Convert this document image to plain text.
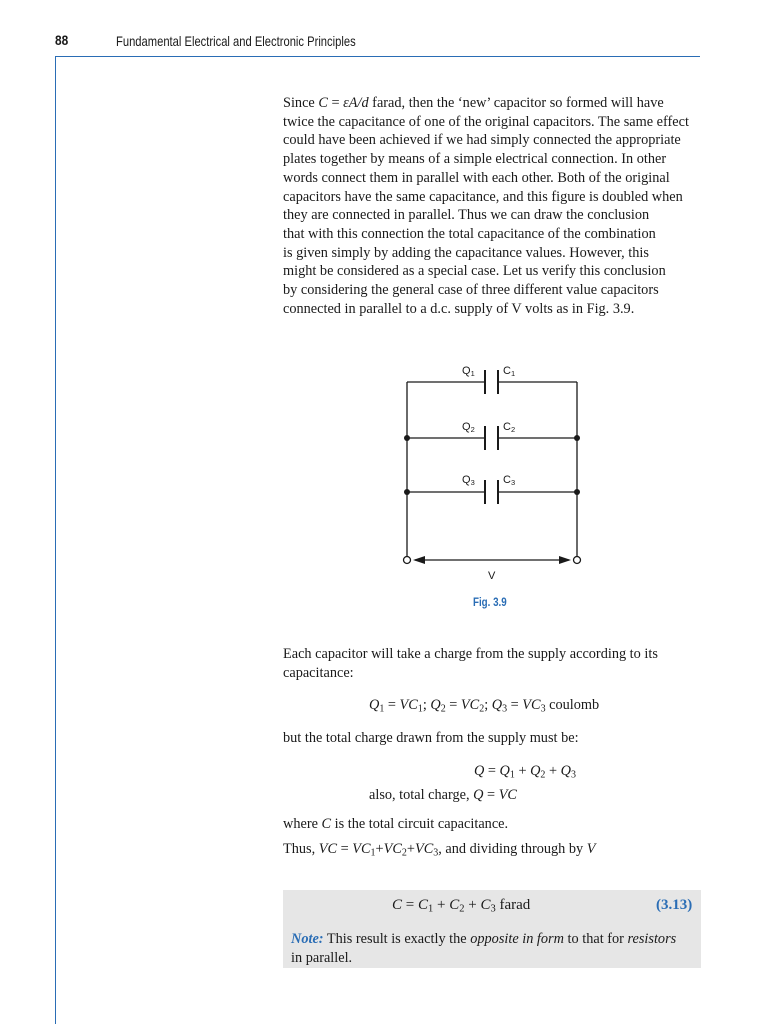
88	Fundamental Electrical and Electronic Principles
Since C = εA/d farad, then the ‘new’ capacitor so formed will have
twice the capacitance of one of the original capacitors. The same effect
could have been achieved if we had simply connected the appropriate
plates together by means of a simple electrical connection. In other
words connect them in parallel with each other. Both of the original
capacitors have the same capacitance, and this figure is doubled when
they are connected in parallel. Thus we can draw the conclusion
that with this connection the total capacitance of the combination
is given simply by adding the capacitance values. However, this
might be considered as a special case. Let us verify this conclusion
by considering the general case of three different value capacitors
connected in parallel to a d.c. supply of V volts as in Fig. 3.9.
Q1	C1
Q2	C2
Q3	C3
V
Fig. 3.9
Each capacitor will take a charge from the supply according to its
capacitance:
$Q_1 = VC_1$; $Q_2 = VC_2$; $Q_3 = VC_3$ coulomb
but the total charge drawn from the supply must be:
$Q = Q_1 + Q_2 + Q_3$
also, total charge, Q = VC
where C is the total circuit capacitance.
Thus, VC = $VC_1+VC_2+VC_3$, and dividing through by V
$C = C_1 + C_2 + C_3$ farad	(3.13)
Note: This result is exactly the opposite in form to that for resistors
in parallel.
